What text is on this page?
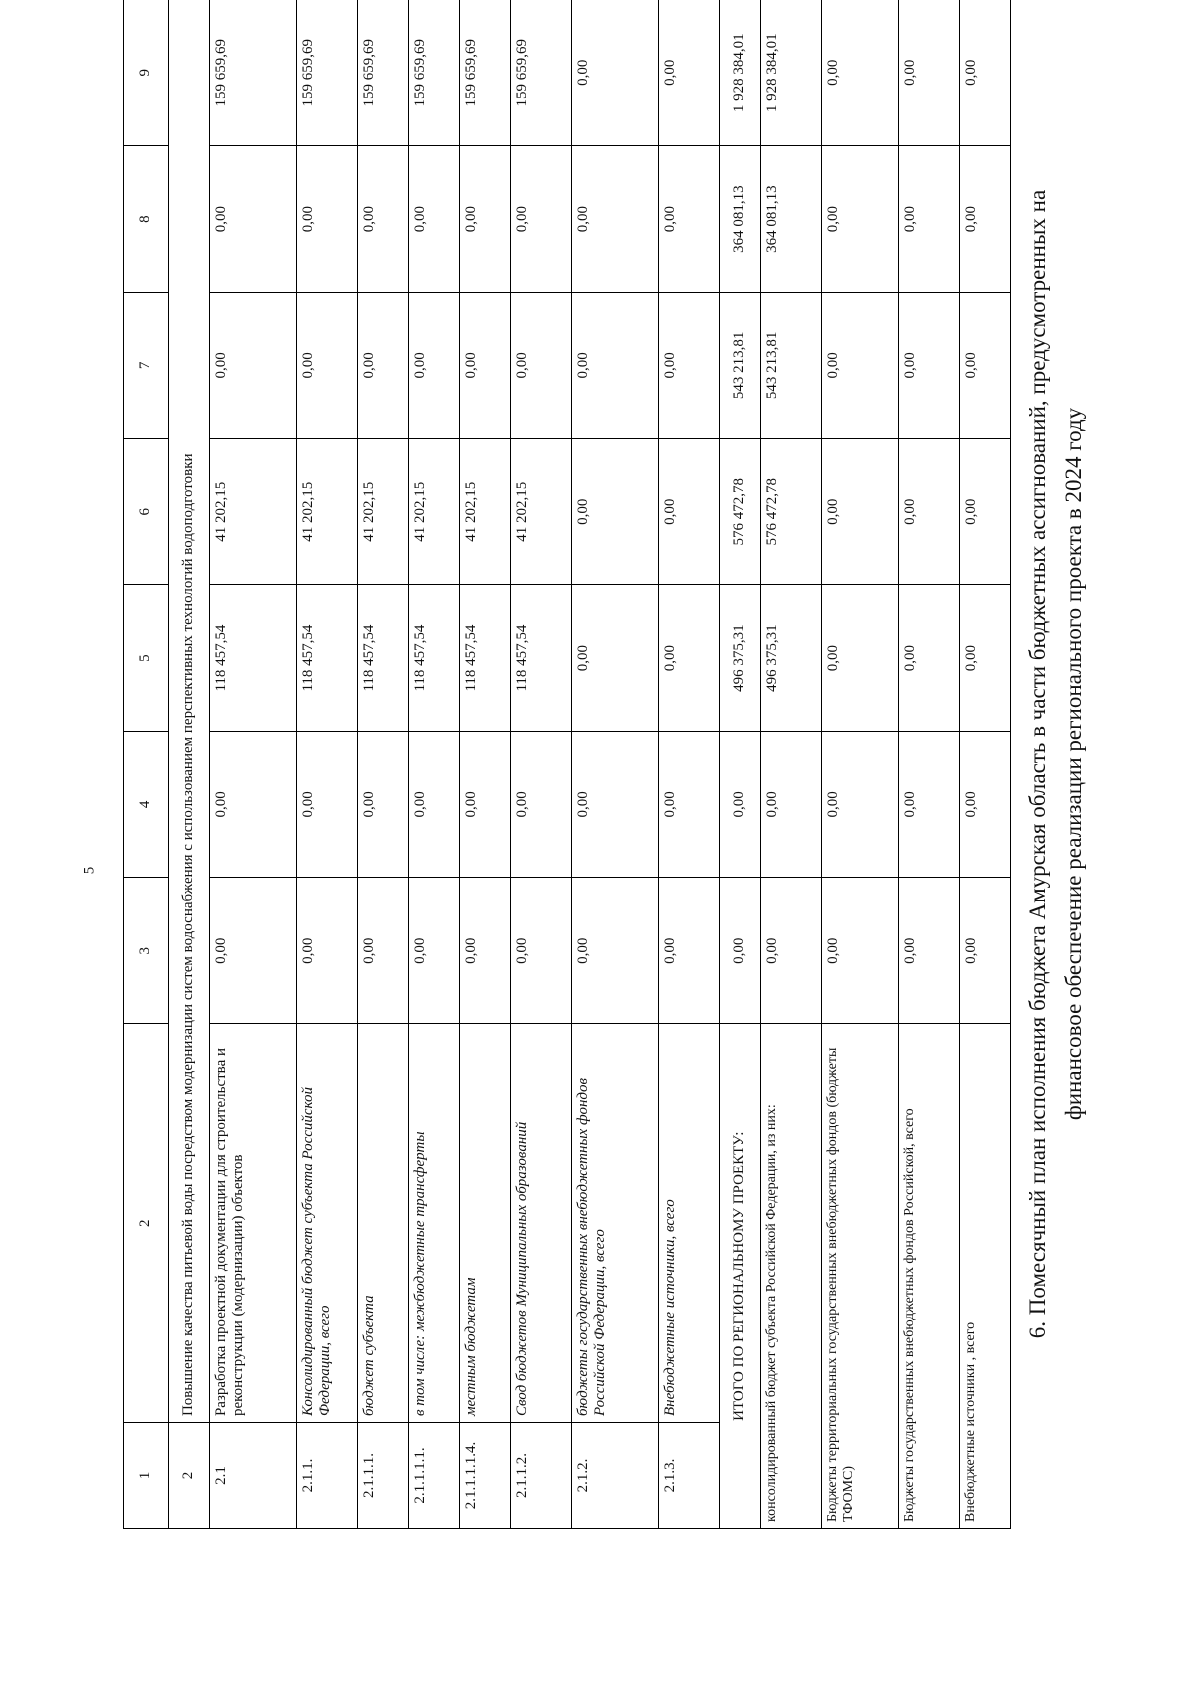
5
1	2	3	4	5	6	7	8	9
2	Повышение качества питьевой воды посредством модернизации систем водоснабжения с использованием перспективных технологий водоподготовки							
2.1	Разработка проектной документации для строительства и реконструкции (модернизации) объектов	0,00	0,00	118 457,54	41 202,15	0,00	0,00	159 659,69
2.1.1.	Консолидированный бюджет субъекта Российской Федерации, всего	0,00	0,00	118 457,54	41 202,15	0,00	0,00	159 659,69
2.1.1.1.	бюджет субъекта	0,00	0,00	118 457,54	41 202,15	0,00	0,00	159 659,69
2.1.1.1.1.	в том числе: межбюджетные трансферты	0,00	0,00	118 457,54	41 202,15	0,00	0,00	159 659,69
2.1.1.1.1.4.	местным бюджетам	0,00	0,00	118 457,54	41 202,15	0,00	0,00	159 659,69
2.1.1.2.	Свод бюджетов Муниципальных образований	0,00	0,00	118 457,54	41 202,15	0,00	0,00	159 659,69
2.1.2.	бюджеты государственных внебюджетных фондов Российской Федерации, всего	0,00	0,00	0,00	0,00	0,00	0,00	0,00
2.1.3.	Внебюджетные источники, всего	0,00	0,00	0,00	0,00	0,00	0,00	0,00
ИТОГО ПО РЕГИОНАЛЬНОМУ ПРОЕКТУ:		0,00	0,00	496 375,31	576 472,78	543 213,81	364 081,13	1 928 384,01
консолидированный бюджет субъекта Российской Федерации, из них:		0,00	0,00	496 375,31	576 472,78	543 213,81	364 081,13	1 928 384,01
Бюджеты территориальных государственных внебюджетных фондов (бюджеты ТФОМС)		0,00	0,00	0,00	0,00	0,00	0,00	0,00
Бюджеты государственных внебюджетных фондов Российской, всего		0,00	0,00	0,00	0,00	0,00	0,00	0,00
Внебюджетные источники , всего		0,00	0,00	0,00	0,00	0,00	0,00	0,00
6. Помесячный план исполнения бюджета Амурская область в части бюджетных ассигнований, предусмотренных на финансовое обеспечение реализации регионального проекта в 2024 году
